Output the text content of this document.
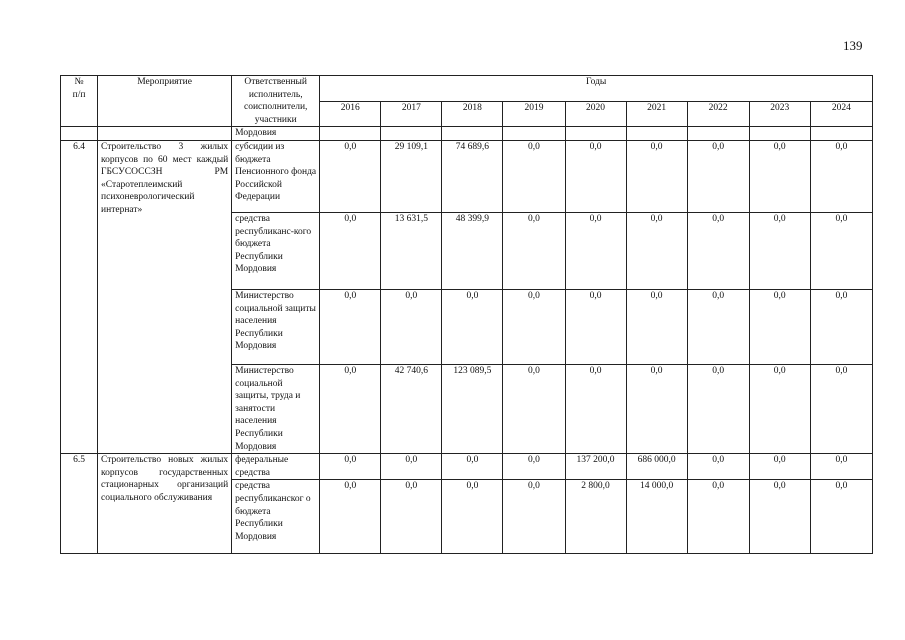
139
№
п/п	Мероприятие	Ответственный исполнитель, соисполнители, участники	Годы								
			2016	2017	2018	2019	2020	2021	2022	2023	2024
		Мордовия									
6.4	Строительство 3 жилых корпусов по 60 мест каждый ГБСУСОССЗН РМ «Старотеплеимский психоневрологический интернат»	субсидии из бюджета Пенсионного фонда Российской Федерации	0,0	29 109,1	74 689,6	0,0	0,0	0,0	0,0	0,0	0,0
		средства республиканс-кого бюджета Республики Мордовия	0,0	13 631,5	48 399,9	0,0	0,0	0,0	0,0	0,0	0,0
		Министерство социальной защиты населения Республики Мордовия	0,0	0,0	0,0	0,0	0,0	0,0	0,0	0,0	0,0
		Министерство социальной защиты, труда и занятости населения Республики Мордовия	0,0	42 740,6	123 089,5	0,0	0,0	0,0	0,0	0,0	0,0
6.5	Строительство новых жилых корпусов государственных стационарных организаций социального обслуживания	федеральные средства	0,0	0,0	0,0	0,0	137 200,0	686 000,0	0,0	0,0	0,0
		средства республиканског о бюджета Республики Мордовия	0,0	0,0	0,0	0,0	2 800,0	14 000,0	0,0	0,0	0,0
